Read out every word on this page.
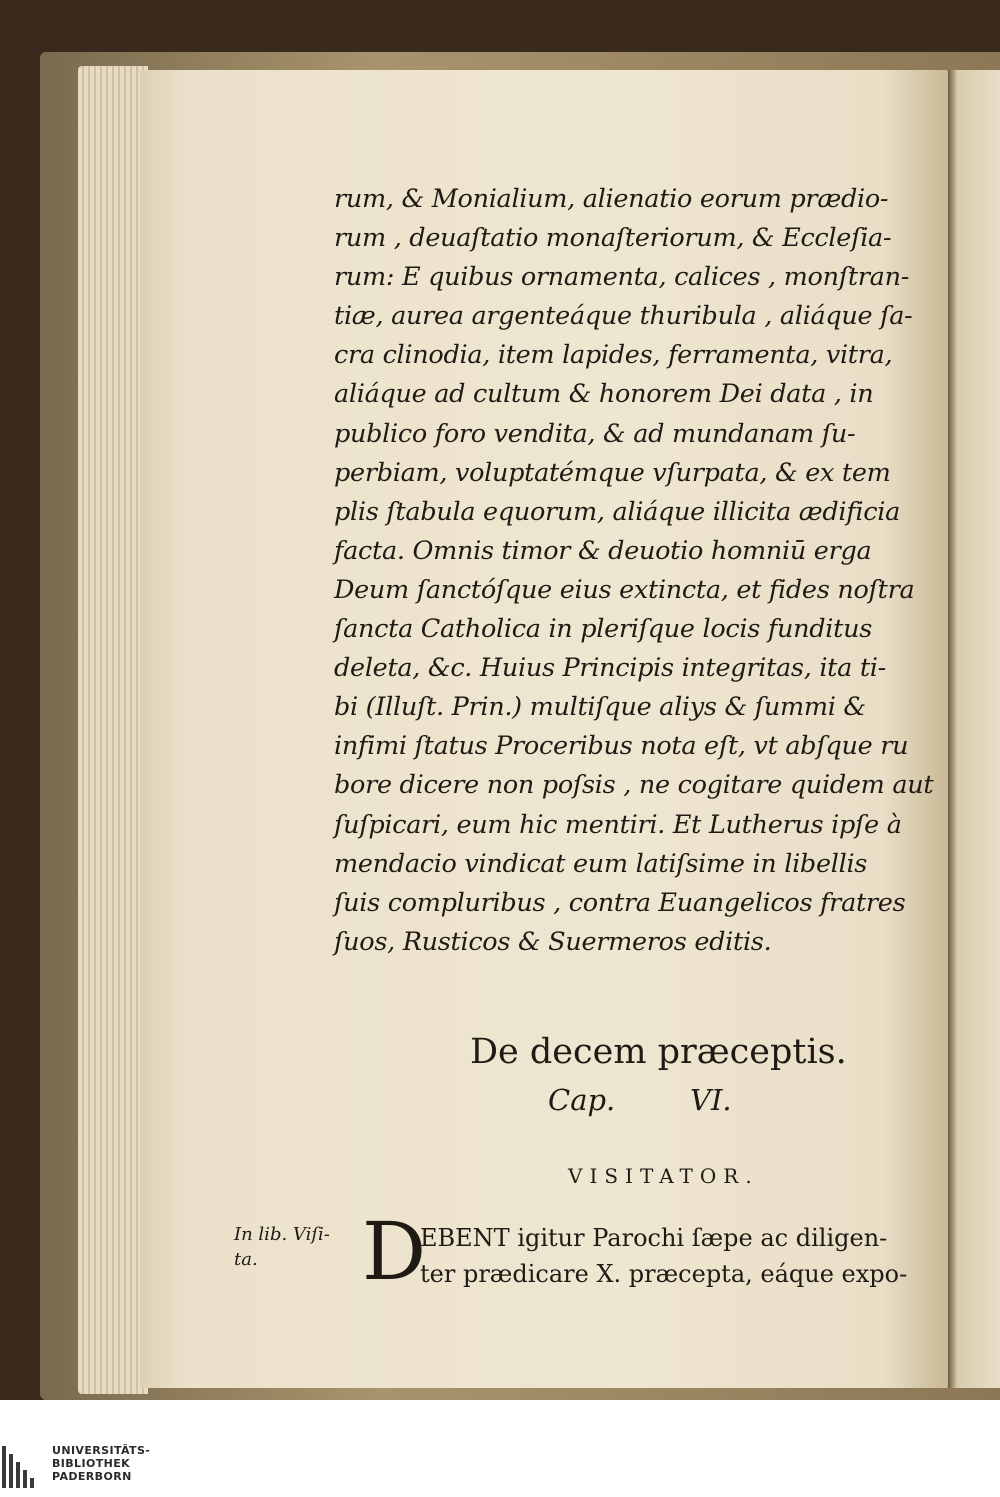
rum, & Monialium, alienatio eorum prædio-
rum , deuaſtatio monaſteriorum, & Eccleſia-
rum: E quibus ornamenta, calices , monſtran-
tiæ, aurea argenteáque thuribula , aliáque ſa-
cra clinodia, item lapides, ferramenta, vitra,
aliáque ad cultum & honorem Dei data , in
publico foro vendita, & ad mundanam ſu-
perbiam, voluptatémque vſurpata, & ex tem
plis ſtabula equorum, aliáque illicita ædificia
facta. Omnis timor & deuotio homniū erga
Deum ſanctóſque eius extincta, et fides noſtra
ſancta Catholica in pleriſque locis funditus
deleta, &c. Huius Principis integritas, ita ti-
bi (Illuſt. Prin.) multiſque aliys & ſummi &
infimi ſtatus Proceribus nota eſt, vt abſque ru
bore dicere non poſsis , ne cogitare quidem aut
ſuſpicari, eum hic mentiri. Et Lutherus ipſe à
mendacio vindicat eum latiſsime in libellis
ſuis compluribus , contra Euangelicos fratres
ſuos, Rusticos & Suermeros editis.
De decem præceptis.
Cap.	VI.
VISITATOR.
In lib. Viſi- ta.	D
EBENT igitur Parochi ſæpe ac diligen-
ter prædicare X. præcepta, eáque expo-
UNIVERSITÄTS-
BIBLIOTHEK
PADERBORN
